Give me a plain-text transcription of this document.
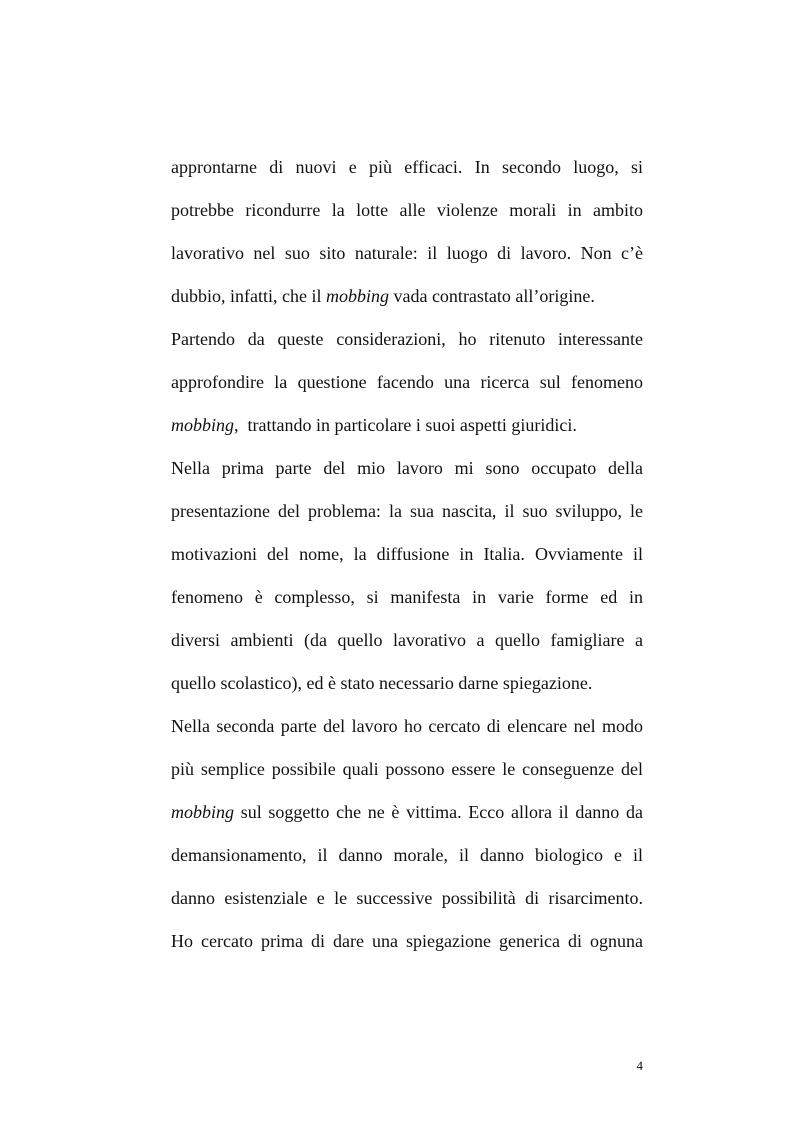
approntarne di nuovi e più efficaci. In secondo luogo, si
potrebbe ricondurre la lotte alle violenze morali in ambito
lavorativo nel suo sito naturale: il luogo di lavoro. Non c’è
dubbio, infatti, che il mobbing vada contrastato all’origine.

Partendo da queste considerazioni, ho ritenuto interessante
approfondire la questione facendo una ricerca sul fenomeno
mobbing,  trattando in particolare i suoi aspetti giuridici.

Nella prima parte del mio lavoro mi sono occupato della
presentazione del problema: la sua nascita, il suo sviluppo, le
motivazioni del nome, la diffusione in Italia. Ovviamente il
fenomeno è complesso, si manifesta in varie forme ed in
diversi ambienti (da quello lavorativo a quello famigliare a
quello scolastico), ed è stato necessario darne spiegazione.

Nella seconda parte del lavoro ho cercato di elencare nel modo
più semplice possibile quali possono essere le conseguenze del
mobbing sul soggetto che ne è vittima. Ecco allora il danno da
demansionamento, il danno morale, il danno biologico e il
danno esistenziale e le successive possibilità di risarcimento.
Ho cercato prima di dare una spiegazione generica di ognuna

4
